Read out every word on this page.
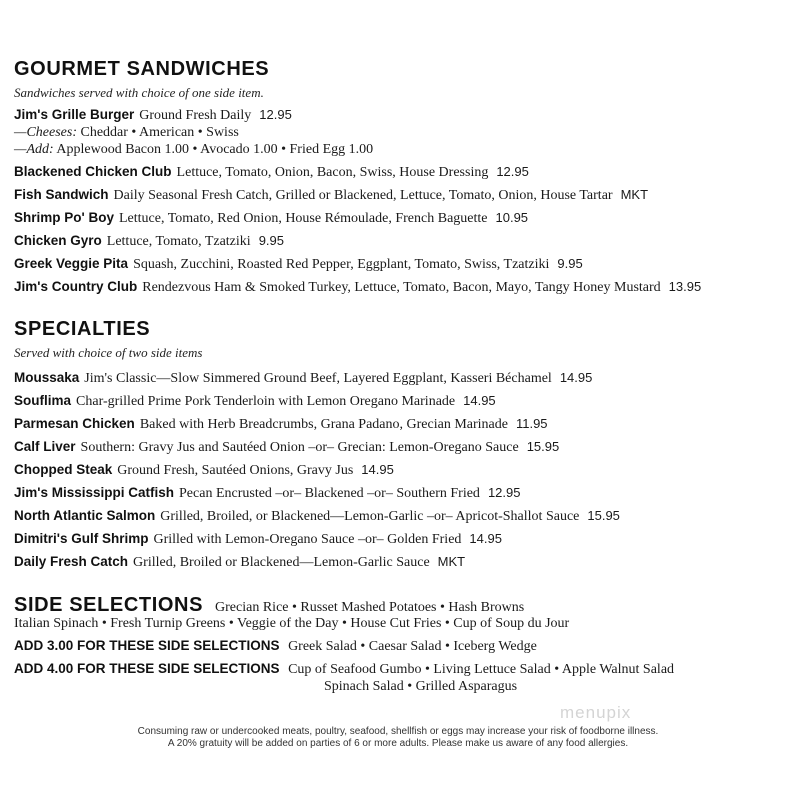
GOURMET SANDWICHES
Sandwiches served with choice of one side item.
Jim's Grille Burger Ground Fresh Daily 12.95
—Cheeses: Cheddar • American • Swiss
—Add: Applewood Bacon 1.00 • Avocado 1.00 • Fried Egg 1.00
Blackened Chicken Club Lettuce, Tomato, Onion, Bacon, Swiss, House Dressing 12.95
Fish Sandwich Daily Seasonal Fresh Catch, Grilled or Blackened, Lettuce, Tomato, Onion, House Tartar MKT
Shrimp Po' Boy Lettuce, Tomato, Red Onion, House Rémoulade, French Baguette 10.95
Chicken Gyro Lettuce, Tomato, Tzatziki 9.95
Greek Veggie Pita Squash, Zucchini, Roasted Red Pepper, Eggplant, Tomato, Swiss, Tzatziki 9.95
Jim's Country Club Rendezvous Ham & Smoked Turkey, Lettuce, Tomato, Bacon, Mayo, Tangy Honey Mustard 13.95
SPECIALTIES
Served with choice of two side items
Moussaka Jim's Classic—Slow Simmered Ground Beef, Layered Eggplant, Kasseri Béchamel 14.95
Souflima Char-grilled Prime Pork Tenderloin with Lemon Oregano Marinade 14.95
Parmesan Chicken Baked with Herb Breadcrumbs, Grana Padano, Grecian Marinade 11.95
Calf Liver Southern: Gravy Jus and Sautéed Onion –or– Grecian: Lemon-Oregano Sauce 15.95
Chopped Steak Ground Fresh, Sautéed Onions, Gravy Jus 14.95
Jim's Mississippi Catfish Pecan Encrusted –or– Blackened –or– Southern Fried 12.95
North Atlantic Salmon Grilled, Broiled, or Blackened—Lemon-Garlic –or– Apricot-Shallot Sauce 15.95
Dimitri's Gulf Shrimp Grilled with Lemon-Oregano Sauce –or– Golden Fried 14.95
Daily Fresh Catch Grilled, Broiled or Blackened—Lemon-Garlic Sauce MKT
SIDE SELECTIONS Grecian Rice • Russet Mashed Potatoes • Hash Browns
Italian Spinach • Fresh Turnip Greens • Veggie of the Day • House Cut Fries • Cup of Soup du Jour
ADD 3.00 FOR THESE SIDE SELECTIONS Greek Salad • Caesar Salad • Iceberg Wedge
ADD 4.00 FOR THESE SIDE SELECTIONS Cup of Seafood Gumbo • Living Lettuce Salad • Apple Walnut Salad
Spinach Salad • Grilled Asparagus
menupix
Consuming raw or undercooked meats, poultry, seafood, shellfish or eggs may increase your risk of foodborne illness.
A 20% gratuity will be added on parties of 6 or more adults. Please make us aware of any food allergies.
